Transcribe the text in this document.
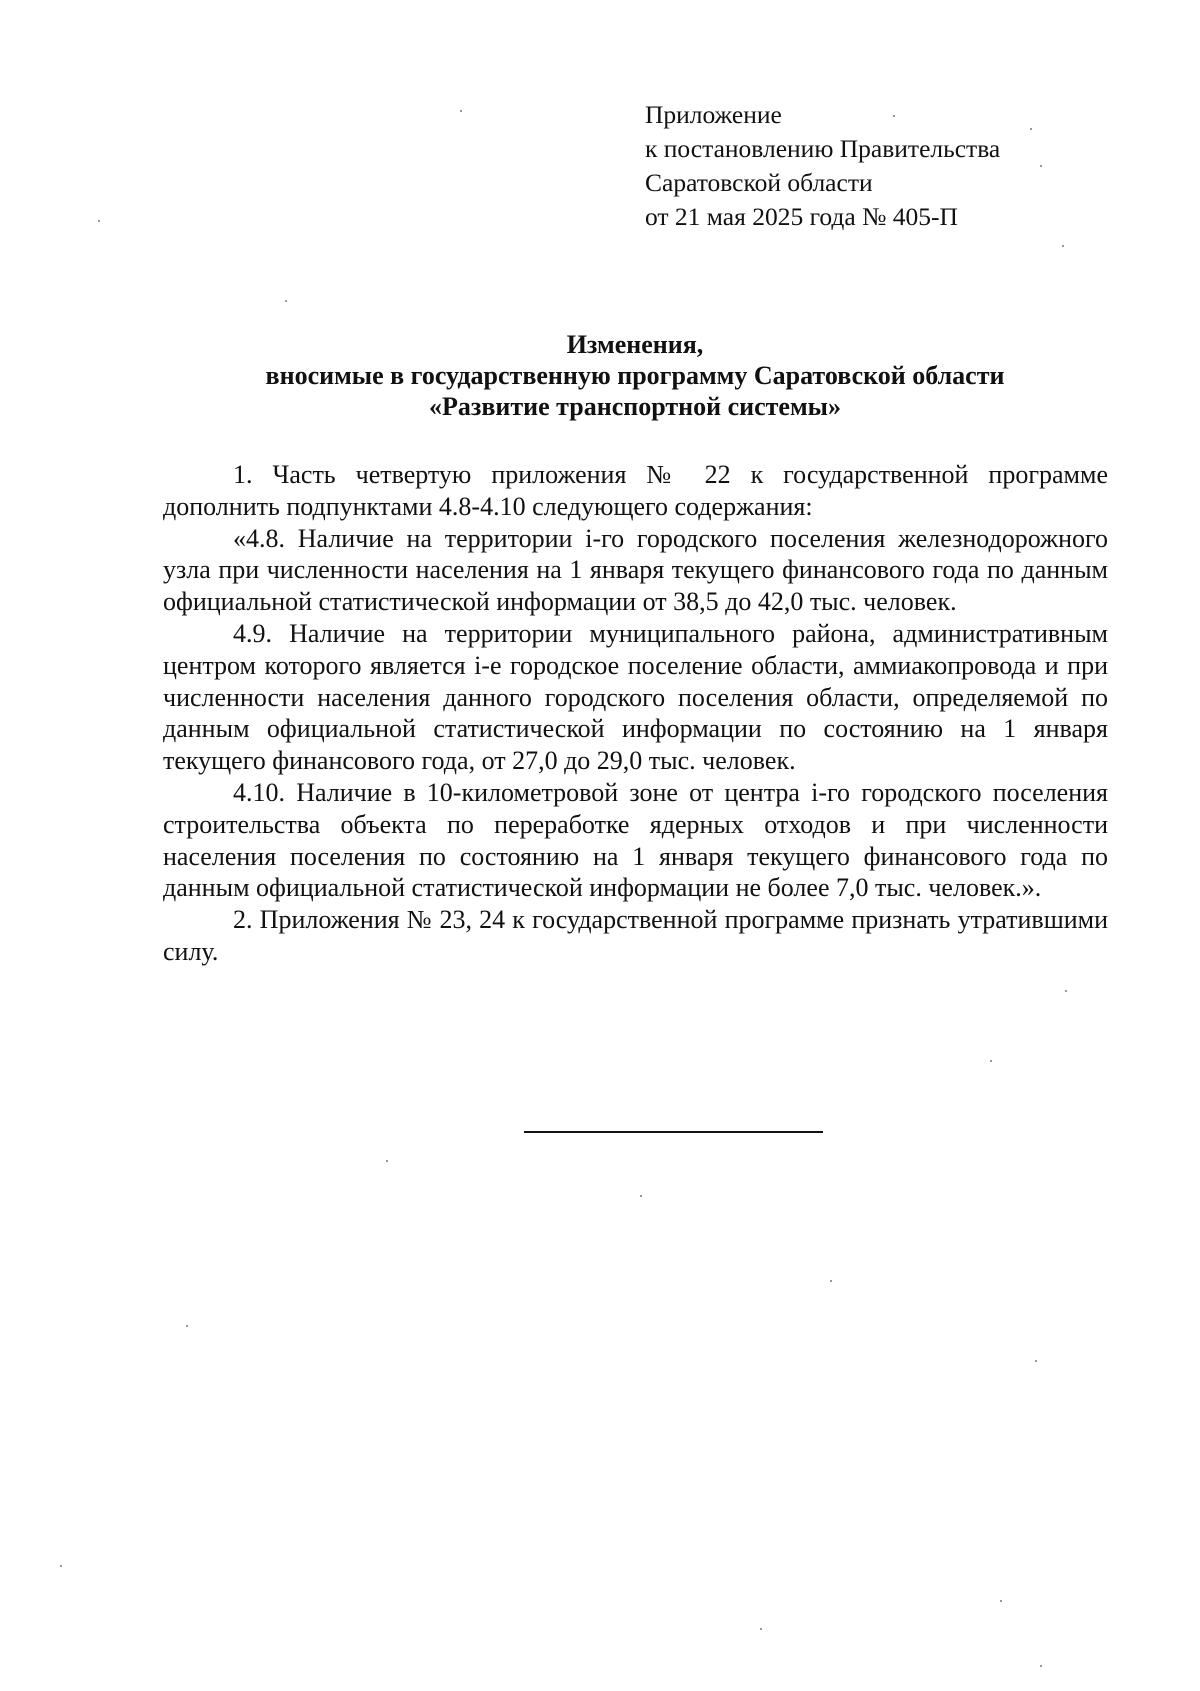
Приложение
к постановлению Правительства
Саратовской области
от 21 мая 2025 года № 405-П
Изменения,
вносимые в государственную программу Саратовской области
«Развитие транспортной системы»

1. Часть четвертую приложения № 22 к государственной программе дополнить подпунктами 4.8-4.10 следующего содержания:

«4.8. Наличие на территории i-го городского поселения железнодорожного узла при численности населения на 1 января текущего финансового года по данным официальной статистической информации от 38,5 до 42,0 тыс. человек.

4.9. Наличие на территории муниципального района, административным центром которого является i-е городское поселение области, аммиакопровода и при численности населения данного городского поселения области, определяемой по данным официальной статистической информации по состоянию на 1 января текущего финансового года, от 27,0 до 29,0 тыс. человек.

4.10. Наличие в 10-километровой зоне от центра i-го городского поселения строительства объекта по переработке ядерных отходов и при численности населения поселения по состоянию на 1 января текущего финансового года по данным официальной статистической информации не более 7,0 тыс. человек.».

2. Приложения № 23, 24 к государственной программе признать утратившими силу.
